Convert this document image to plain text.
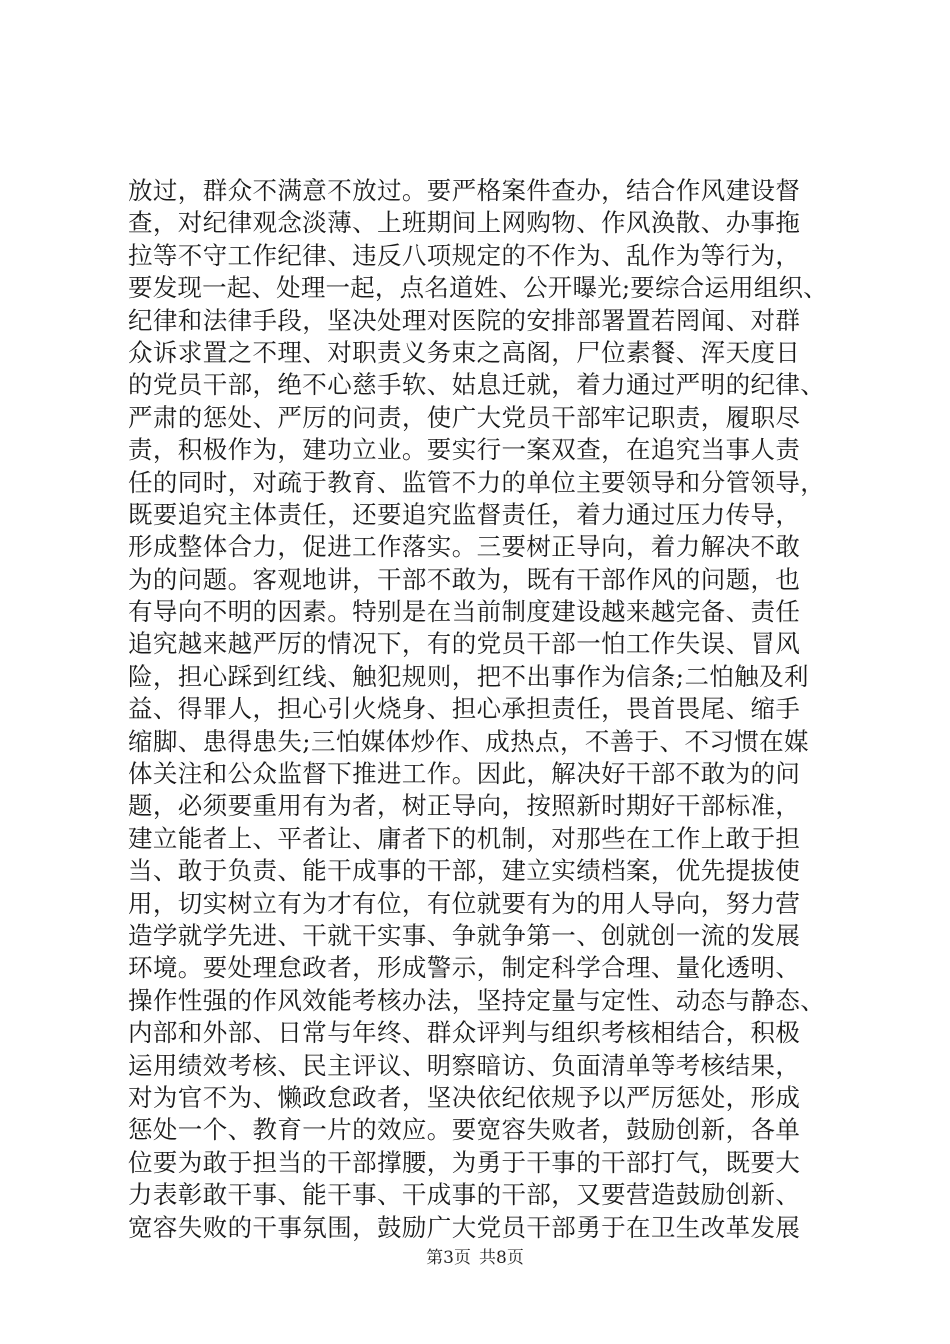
放过，群众不满意不放过。要严格案件查办，结合作风建设督
查，对纪律观念淡薄、上班期间上网购物、作风涣散、办事拖
拉等不守工作纪律、违反八项规定的不作为、乱作为等行为，
要发现一起、处理一起，点名道姓、公开曝光;要综合运用组织、
纪律和法律手段，坚决处理对医院的安排部署置若罔闻、对群
众诉求置之不理、对职责义务束之高阁，尸位素餐、浑天度日
的党员干部，绝不心慈手软、姑息迁就，着力通过严明的纪律、
严肃的惩处、严厉的问责，使广大党员干部牢记职责，履职尽
责，积极作为，建功立业。要实行一案双查，在追究当事人责
任的同时，对疏于教育、监管不力的单位主要领导和分管领导，
既要追究主体责任，还要追究监督责任，着力通过压力传导，
形成整体合力，促进工作落实。三要树正导向，着力解决不敢
为的问题。客观地讲，干部不敢为，既有干部作风的问题，也
有导向不明的因素。特别是在当前制度建设越来越完备、责任
追究越来越严厉的情况下，有的党员干部一怕工作失误、冒风
险，担心踩到红线、触犯规则，把不出事作为信条;二怕触及利
益、得罪人，担心引火烧身、担心承担责任，畏首畏尾、缩手
缩脚、患得患失;三怕媒体炒作、成热点，不善于、不习惯在媒
体关注和公众监督下推进工作。因此，解决好干部不敢为的问
题，必须要重用有为者，树正导向，按照新时期好干部标准，
建立能者上、平者让、庸者下的机制，对那些在工作上敢于担
当、敢于负责、能干成事的干部，建立实绩档案，优先提拔使
用，切实树立有为才有位，有位就要有为的用人导向，努力营
造学就学先进、干就干实事、争就争第一、创就创一流的发展
环境。要处理怠政者，形成警示，制定科学合理、量化透明、
操作性强的作风效能考核办法，坚持定量与定性、动态与静态、
内部和外部、日常与年终、群众评判与组织考核相结合，积极
运用绩效考核、民主评议、明察暗访、负面清单等考核结果，
对为官不为、懒政怠政者，坚决依纪依规予以严厉惩处，形成
惩处一个、教育一片的效应。要宽容失败者，鼓励创新，各单
位要为敢于担当的干部撑腰，为勇于干事的干部打气，既要大
力表彰敢干事、能干事、干成事的干部，又要营造鼓励创新、
宽容失败的干事氛围，鼓励广大党员干部勇于在卫生改革发展
第3页 共8页
